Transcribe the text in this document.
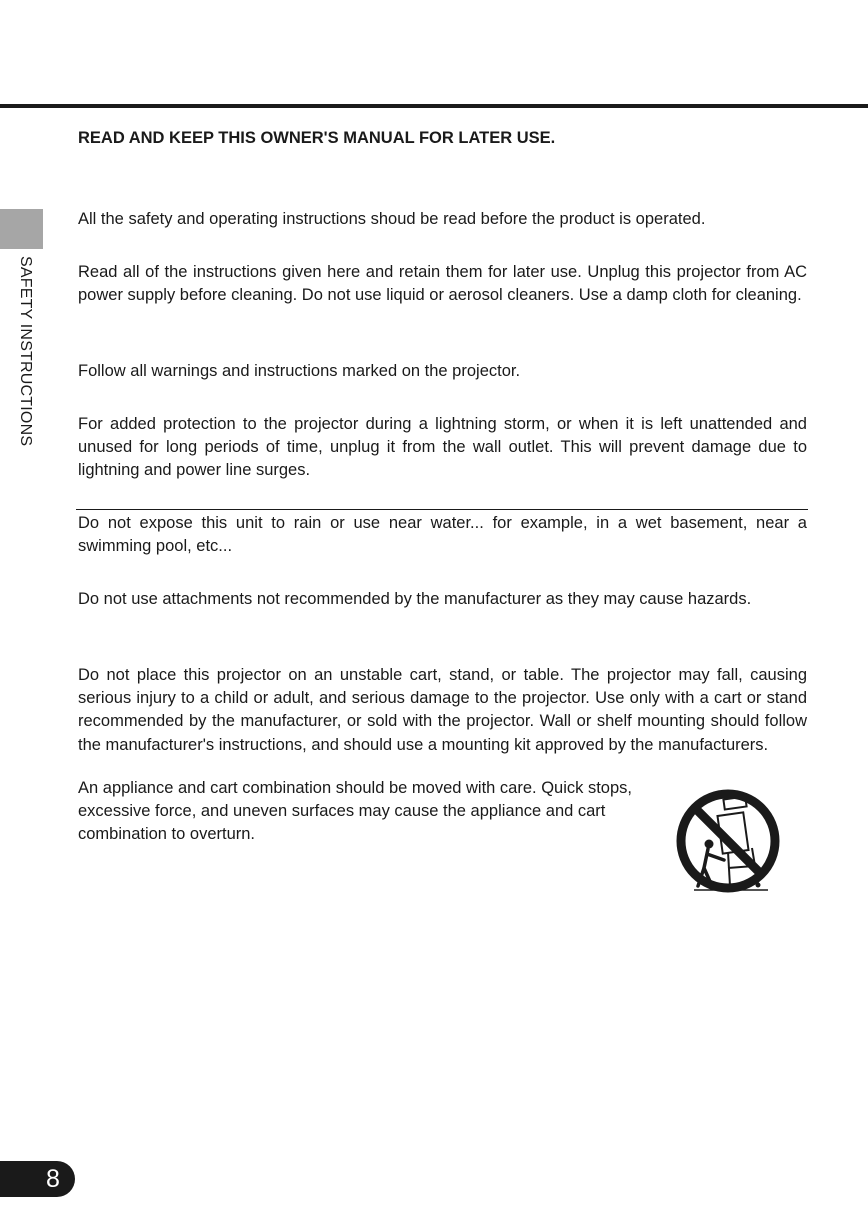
READ AND KEEP THIS OWNER'S MANUAL FOR LATER USE.
SAFETY INSTRUCTIONS

All the safety and operating instructions shoud be read before the product is operated.

Read all of the instructions given here and retain them for later use. Unplug this projector from AC power supply before cleaning. Do not use liquid or aerosol cleaners. Use a damp cloth for cleaning.

Follow all warnings and instructions marked on the projector.

For added protection to the projector during a lightning storm, or when it is left unattended and unused for long periods of time, unplug it from the wall outlet. This will prevent damage due to lightning and power line surges.

Do not expose this unit to rain or use near water... for example, in a wet basement, near a swimming pool, etc...

Do not use attachments not recommended by the manufacturer as they may cause hazards.

Do not place this projector on an unstable cart, stand, or table. The projector may fall, causing serious injury to a child or adult, and serious damage to the projector. Use only with a cart or stand recommended by the manufacturer, or sold with the projector. Wall or shelf mounting should follow the manufacturer's instructions, and should use a mounting kit approved by the manufacturers.

An appliance and cart combination should be moved with care. Quick stops, excessive force, and uneven surfaces may cause the appliance and cart combination to overturn.

8
